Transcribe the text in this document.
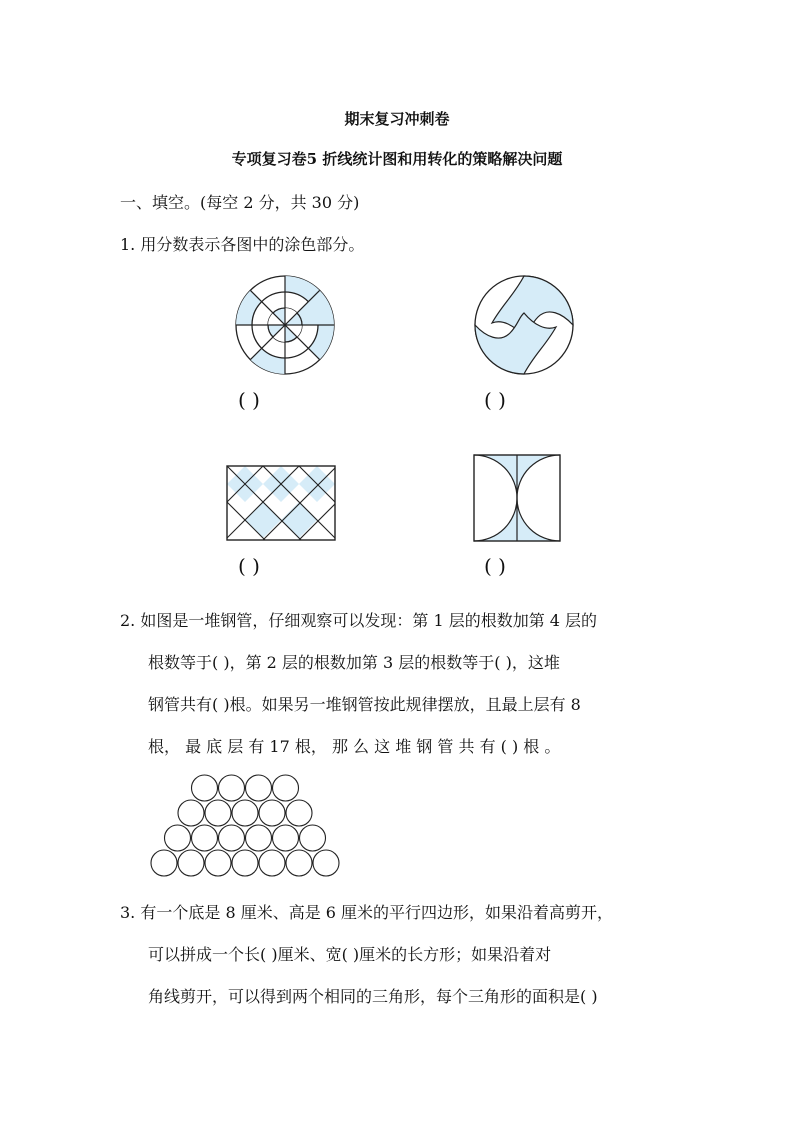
期末复习冲刺卷
专项复习卷5 折线统计图和用转化的策略解决问题
一、填空。(每空 2 分，共 30 分)
1. 用分数表示各图中的涂色部分。
( )	( )
( )	( )
2. 如图是一堆钢管，仔细观察可以发现：第 1 层的根数加第 4 层的
根数等于( )，第 2 层的根数加第 3 层的根数等于( )，这堆
钢管共有( )根。如果另一堆钢管按此规律摆放，且最上层有 8
根， 最 底 层 有 17 根， 那 么 这 堆 钢 管 共 有 ( ) 根 。
3. 有一个底是 8 厘米、高是 6 厘米的平行四边形，如果沿着高剪开，
可以拼成一个长( )厘米、宽( )厘米的长方形；如果沿着对
角线剪开，可以得到两个相同的三角形，每个三角形的面积是( )
